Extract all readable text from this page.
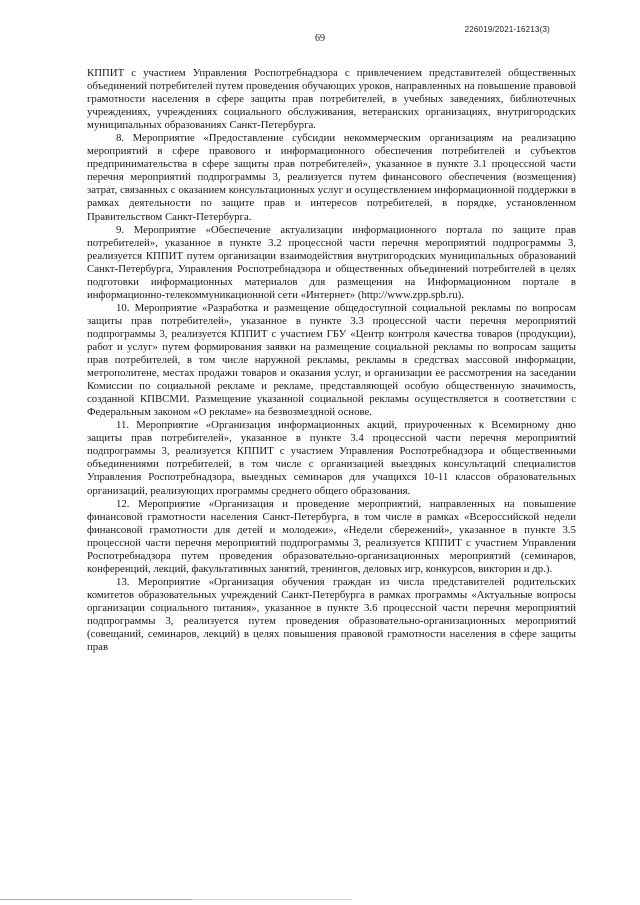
69
226019/2021-16213(3)

КППИТ с участием Управления Роспотребнадзора с привлечением представителей общественных объединений потребителей путем проведения обучающих уроков, направленных на повышение правовой грамотности населения в сфере защиты прав потребителей, в учебных заведениях, библиотечных учреждениях, учреждениях социального обслуживания, ветеранских организациях, внутригородских муниципальных образованиях Санкт-Петербурга.

8. Мероприятие «Предоставление субсидии некоммерческим организациям на реализацию мероприятий в сфере правового и информационного обеспечения потребителей и субъектов предпринимательства в сфере защиты прав потребителей», указанное в пункте 3.1 процессной части перечня мероприятий подпрограммы 3, реализуется путем финансового обеспечения (возмещения) затрат, связанных с оказанием консультационных услуг и осуществлением информационной поддержки в рамках деятельности по защите прав и интересов потребителей, в порядке, установленном Правительством Санкт-Петербурга.

9. Мероприятие «Обеспечение актуализации информационного портала по защите прав потребителей», указанное в пункте 3.2 процессной части перечня мероприятий подпрограммы 3, реализуется КППИТ путем организации взаимодействия внутригородских муниципальных образований Санкт-Петербурга, Управления Роспотребнадзора и общественных объединений потребителей в целях подготовки информационных материалов для размещения на Информационном портале в информационно-телекоммуникационной сети «Интернет» (http://www.zpp.spb.ru).

10. Мероприятие «Разработка и размещение общедоступной социальной рекламы по вопросам защиты прав потребителей», указанное в пункте 3.3 процессной части перечня мероприятий подпрограммы 3, реализуется КППИТ с участием ГБУ «Центр контроля качества товаров (продукции), работ и услуг» путем формирования заявки на размещение социальной рекламы по вопросам защиты прав потребителей, в том числе наружной рекламы, рекламы в средствах массовой информации, метрополитене, местах продажи товаров и оказания услуг, и организации ее рассмотрения на заседании Комиссии по социальной рекламе и рекламе, представляющей особую общественную значимость, созданной КПВСМИ. Размещение указанной социальной рекламы осуществляется в соответствии с Федеральным законом «О рекламе» на безвозмездной основе.

11. Мероприятие «Организация информационных акций, приуроченных к Всемирному дню защиты прав потребителей», указанное в пункте 3.4 процессной части перечня мероприятий подпрограммы 3, реализуется КППИТ с участием Управления Роспотребнадзора и общественными объединениями потребителей, в том числе с организацией выездных консультаций специалистов Управления Роспотребнадзора, выездных семинаров для учащихся 10-11 классов образовательных организаций, реализующих программы среднего общего образования.

12. Мероприятие «Организация и проведение мероприятий, направленных на повышение финансовой грамотности населения Санкт-Петербурга, в том числе в рамках «Всероссийской недели финансовой грамотности для детей и молодежи», «Недели сбережений», указанное в пункте 3.5 процессной части перечня мероприятий подпрограммы 3, реализуется КППИТ с участием Управления Роспотребнадзора путем проведения образовательно-организационных мероприятий (семинаров, конференций, лекций, факультативных занятий, тренингов, деловых игр, конкурсов, викторин и др.).

13. Мероприятие «Организация обучения граждан из числа представителей родительских комитетов образовательных учреждений Санкт-Петербурга в рамках программы «Актуальные вопросы организации социального питания», указанное в пункте 3.6 процессной части перечня мероприятий подпрограммы 3, реализуется путем проведения образовательно-организационных мероприятий (совещаний, семинаров, лекций) в целях повышения правовой грамотности населения в сфере защиты прав
